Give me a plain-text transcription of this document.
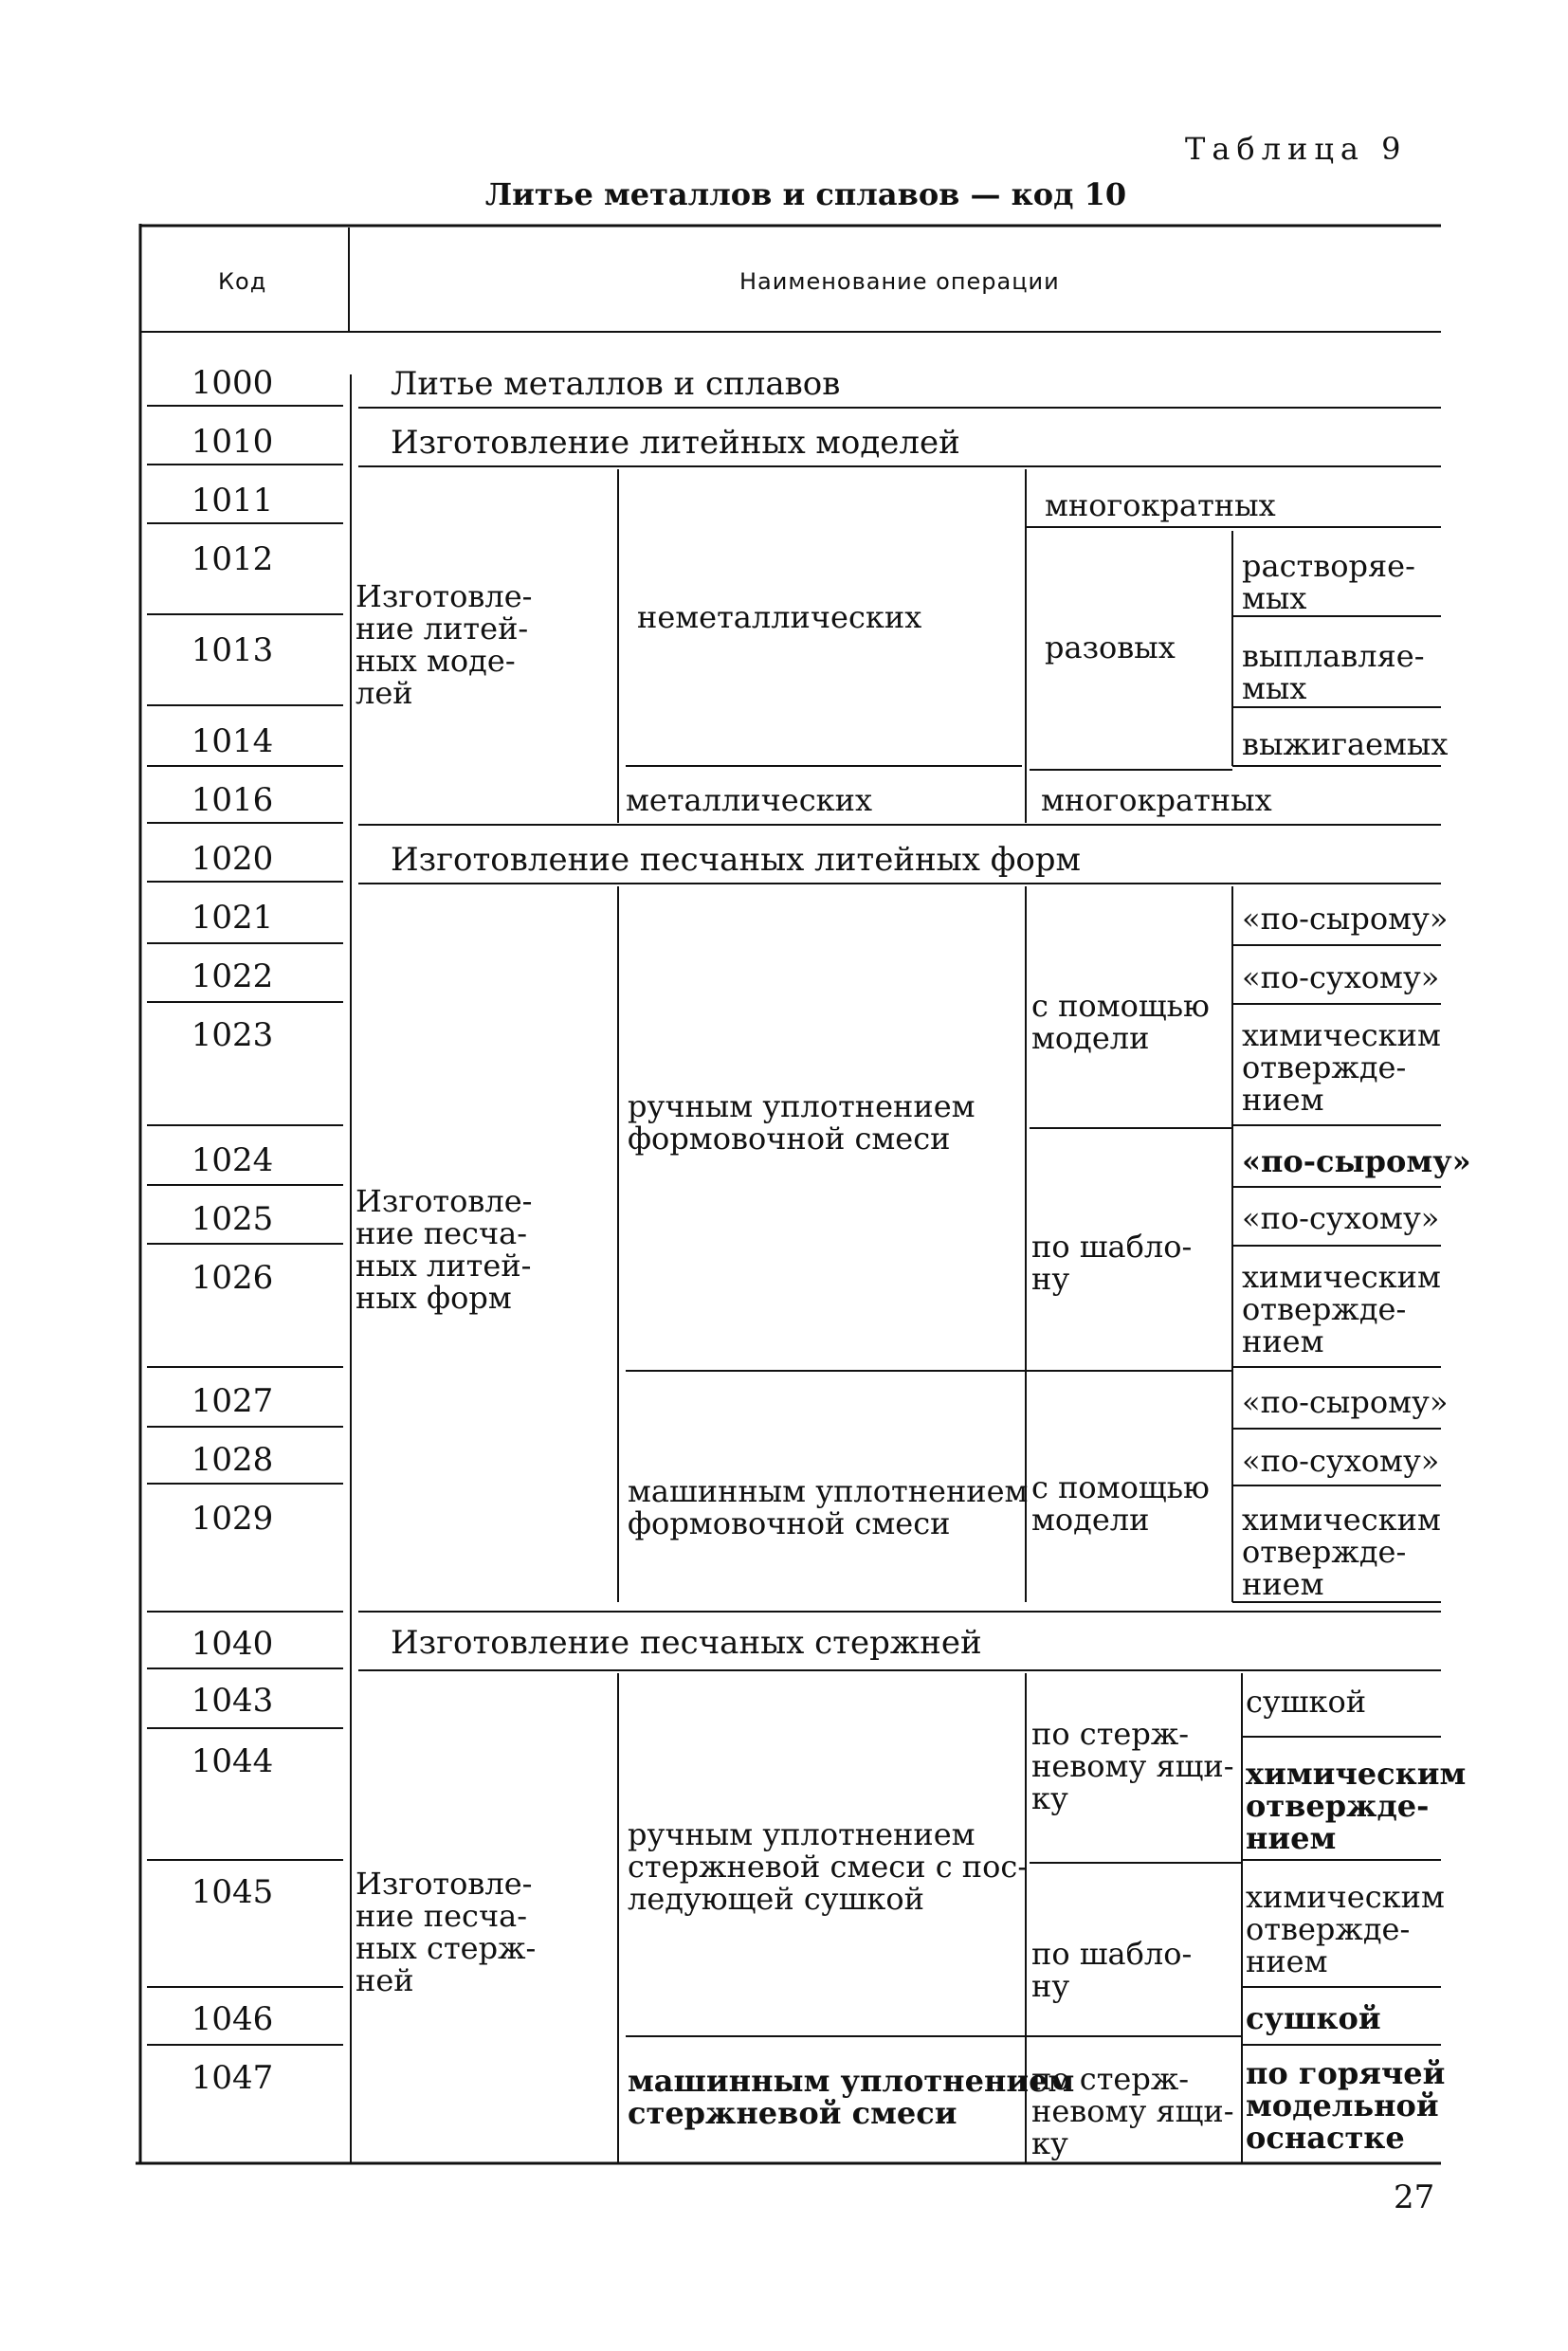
Таблица 9
Литье металлов и сплавов — код 10
Код	Наименование операции
1000
1010
1011
1012
1013
1014
1016
1020
1021
1022
1023
1024
1025
1026
1027
1028
1029
1040
1043
1044
1045
1046
1047
Литье металлов и сплавов
Изготовление литейных моделей
Изготовление песчаных литейных форм
Изготовление песчаных стержней
Изготовле-
ние литей-
ных моде-
лей
Изготовле-
ние песча-
ных литей-
ных форм
Изготовле-
ние песча-
ных стерж-
ней
неметаллических
металлических
ручным уплотнением
формовочной смеси
машинным уплотнением
формовочной смеси
ручным уплотнением
стержневой смеси с пос-
ледующей сушкой
машинным уплотнением
стержневой смеси
многократных
разовых
многократных
с помощью
модели
по шабло-
ну
с помощью
модели
по стерж-
невому ящи-
ку
по шабло-
ну
по стерж-
невому ящи-
ку
растворяе-
мых
выплавляе-
мых
выжигаемых
«по-сырому»
«по-сухому»
химическим
отвержде-
нием
«по-сырому»
«по-сухому»
химическим
отвержде-
нием
«по-сырому»
«по-сухому»
химическим
отвержде-
нием
сушкой
химическим
отвержде-
нием
химическим
отвержде-
нием
сушкой
по горячей
модельной
оснастке
27
